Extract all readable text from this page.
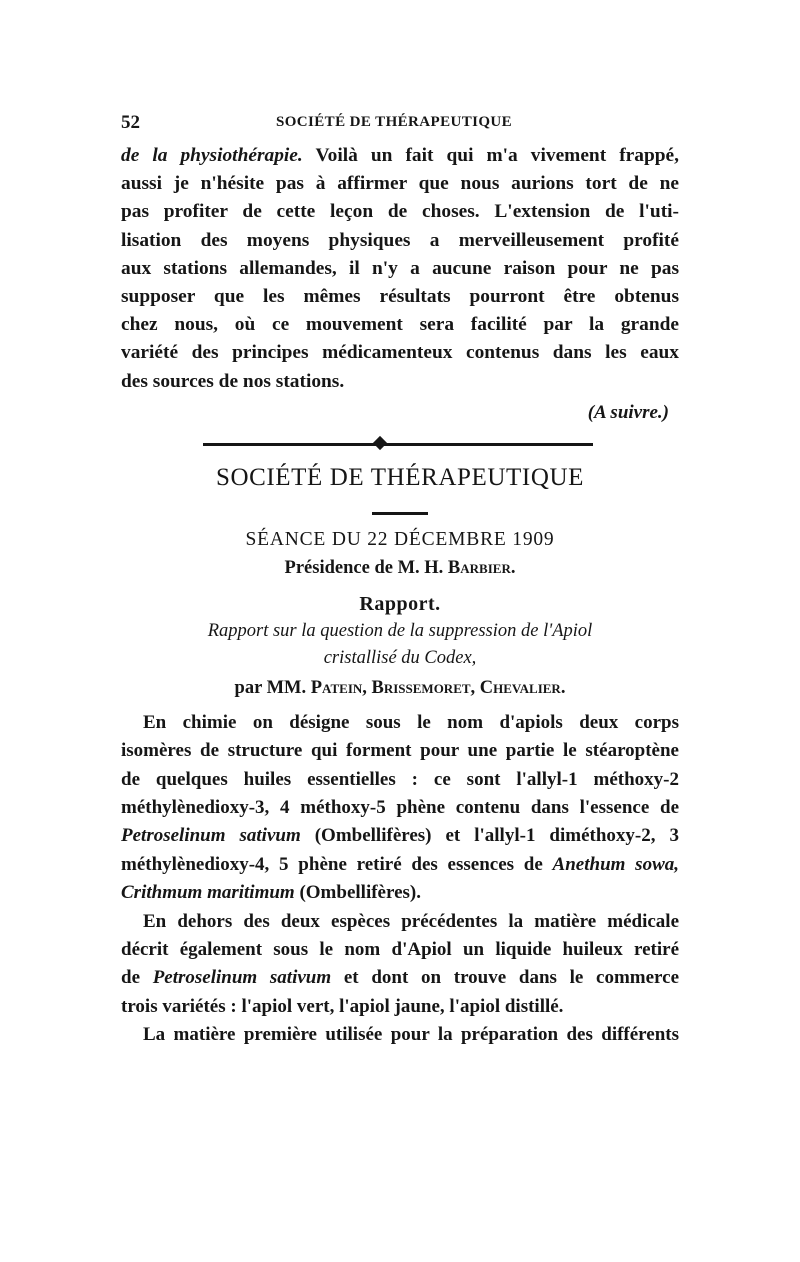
52	SOCIÉTÉ DE THÉRAPEUTIQUE

de la physiothérapie. Voilà un fait qui m'a vivement frappé,
aussi je n'hésite pas à affirmer que nous aurions tort de ne
pas profiter de cette leçon de choses. L'extension de l'uti-
lisation des moyens physiques a merveilleusement profité
aux stations allemandes, il n'y a aucune raison pour ne pas
supposer que les mêmes résultats pourront être obtenus
chez nous, où ce mouvement sera facilité par la grande
variété des principes médicamenteux contenus dans les eaux
des sources de nos stations.

(A suivre.)
SOCIÉTÉ DE THÉRAPEUTIQUE
SÉANCE DU 22 DÉCEMBRE 1909
Présidence de M. H. Barbier.
Rapport.
Rapport sur la question de la suppression de l'Apiol
cristallisé du Codex,
par MM. Patein, Brissemoret, Chevalier.

En chimie on désigne sous le nom d'apiols deux corps
isomères de structure qui forment pour une partie le stéaroptène
de quelques huiles essentielles : ce sont l'allyl-1 méthoxy-2
méthylènedioxy-3, 4 méthoxy-5 phène contenu dans l'essence de
Petroselinum sativum (Ombellifères) et l'allyl-1 diméthoxy-2, 3
méthylènedioxy-4, 5 phène retiré des essences de Anethum sowa,
Crithmum maritimum (Ombellifères).

En dehors des deux espèces précédentes la matière médicale
décrit également sous le nom d'Apiol un liquide huileux retiré
de Petroselinum sativum et dont on trouve dans le commerce
trois variétés : l'apiol vert, l'apiol jaune, l'apiol distillé.

La matière première utilisée pour la préparation des différents
